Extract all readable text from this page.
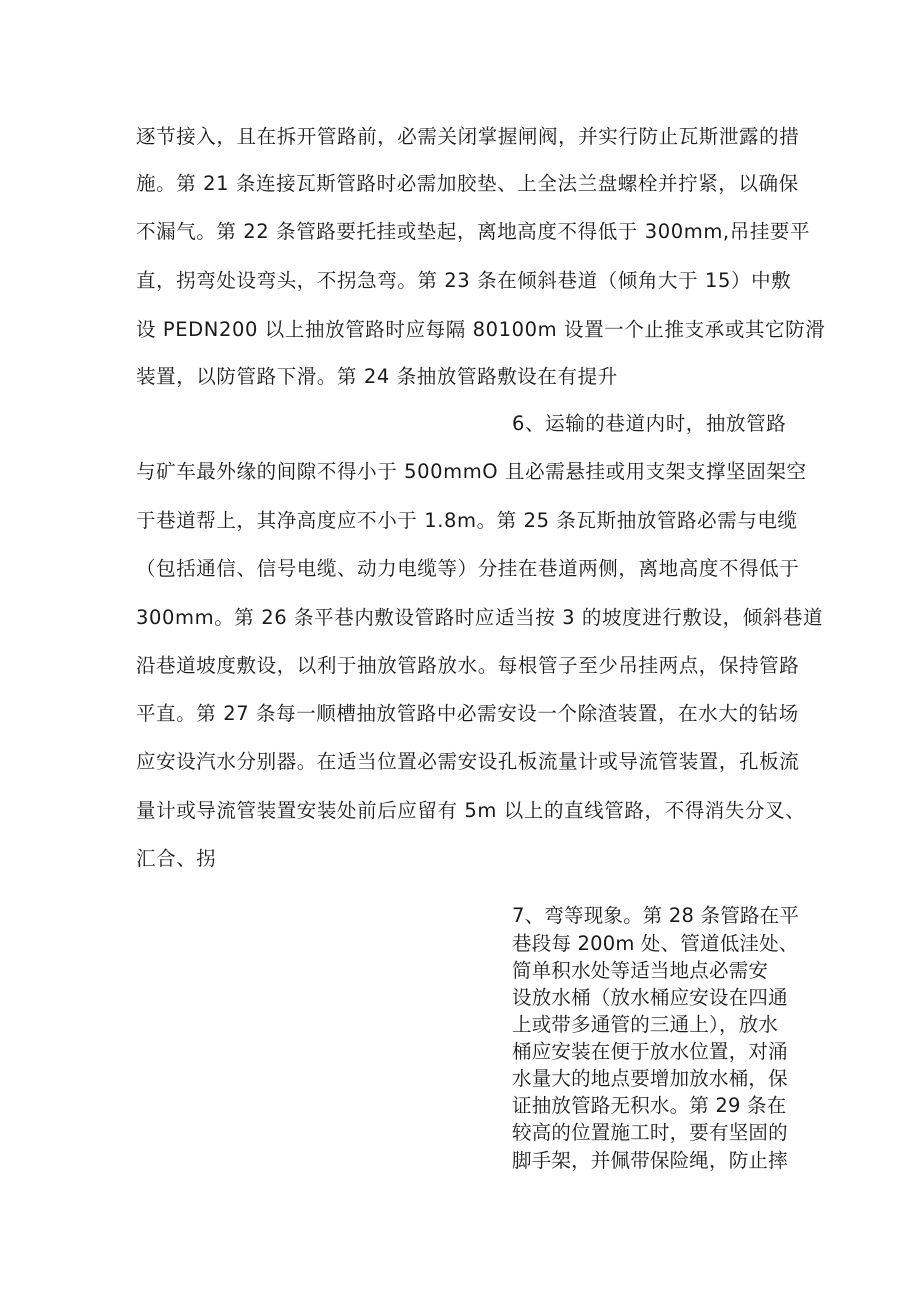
逐节接入，且在拆开管路前，必需关闭掌握闸阀，并实行防止瓦斯泄露的措
施。第 21 条连接瓦斯管路时必需加胶垫、上全法兰盘螺栓并拧紧，以确保
不漏气。第 22 条管路要托挂或垫起，离地高度不得低于 300mm,吊挂要平
直，拐弯处设弯头，不拐急弯。第 23 条在倾斜巷道（倾角大于 15）中敷
设 PEDN200 以上抽放管路时应每隔 80100m 设置一个止推支承或其它防滑
装置，以防管路下滑。第 24 条抽放管路敷设在有提升
6、运输的巷道内时，抽放管路
与矿车最外缘的间隙不得小于 500mmO 且必需悬挂或用支架支撑坚固架空
于巷道帮上，其净高度应不小于 1.8m。第 25 条瓦斯抽放管路必需与电缆
（包括通信、信号电缆、动力电缆等）分挂在巷道两侧，离地高度不得低于
300mm。第 26 条平巷内敷设管路时应适当按 3 的坡度进行敷设，倾斜巷道
沿巷道坡度敷设，以利于抽放管路放水。每根管子至少吊挂两点，保持管路
平直。第 27 条每一顺槽抽放管路中必需安设一个除渣装置，在水大的钻场
应安设汽水分别器。在适当位置必需安设孔板流量计或导流管装置，孔板流
量计或导流管装置安装处前后应留有 5m 以上的直线管路，不得消失分叉、
汇合、拐
7、弯等现象。第 28 条管路在平
巷段每 200m 处、管道低洼处、
简单积水处等适当地点必需安
设放水桶（放水桶应安设在四通
上或带多通管的三通上），放水
桶应安装在便于放水位置，对涌
水量大的地点要增加放水桶，保
证抽放管路无积水。第 29 条在
较高的位置施工时，要有坚固的
脚手架，并佩带保险绳，防止摔
